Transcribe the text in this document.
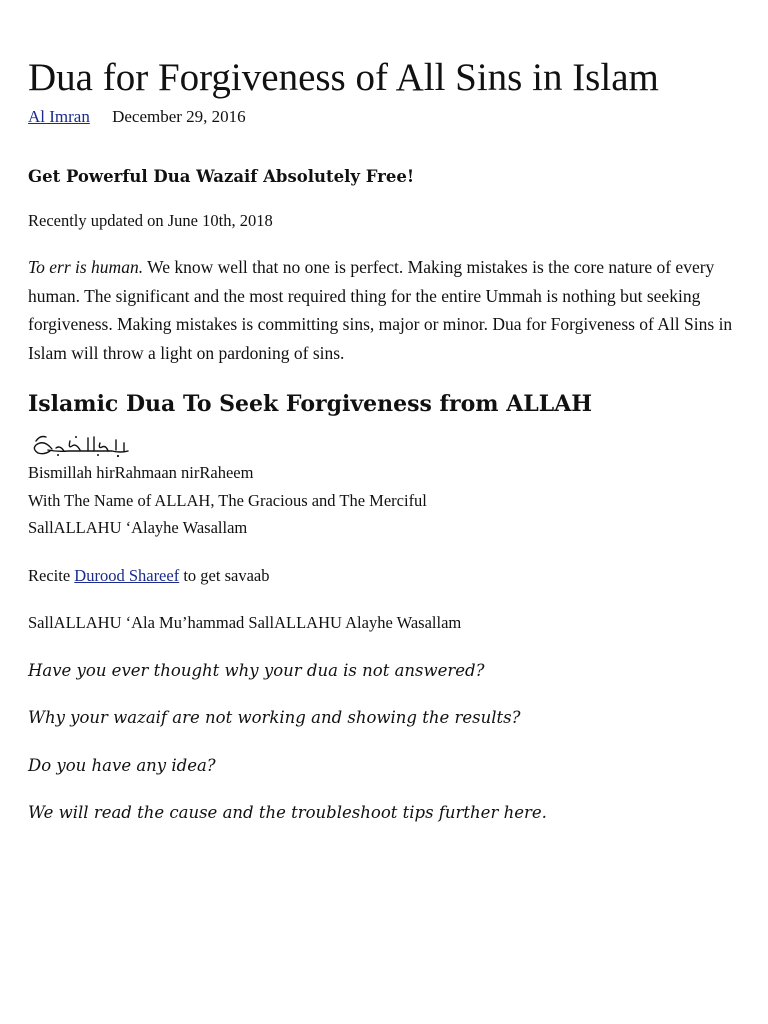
Dua for Forgiveness of All Sins in Islam
Al Imran December 29, 2016
Get Powerful Dua Wazaif Absolutely Free!
Recently updated on June 10th, 2018
To err is human. We know well that no one is perfect. Making mistakes is the core nature of every human. The significant and the most required thing for the entire Ummah is nothing but seeking forgiveness. Making mistakes is committing sins, major or minor. Dua for Forgiveness of All Sins in Islam will throw a light on pardoning of sins.
Islamic Dua To Seek Forgiveness from ALLAH
Bismillah hirRahmaan nirRaheem
With The Name of ALLAH, The Gracious and The Merciful
SallALLAHU ‘Alayhe Wasallam
Recite Durood Shareef to get savaab
SallALLAHU ‘Ala Mu’hammad SallALLAHU Alayhe Wasallam
Have you ever thought why your dua is not answered?
Why your wazaif are not working and showing the results?
Do you have any idea?
We will read the cause and the troubleshoot tips further here.
